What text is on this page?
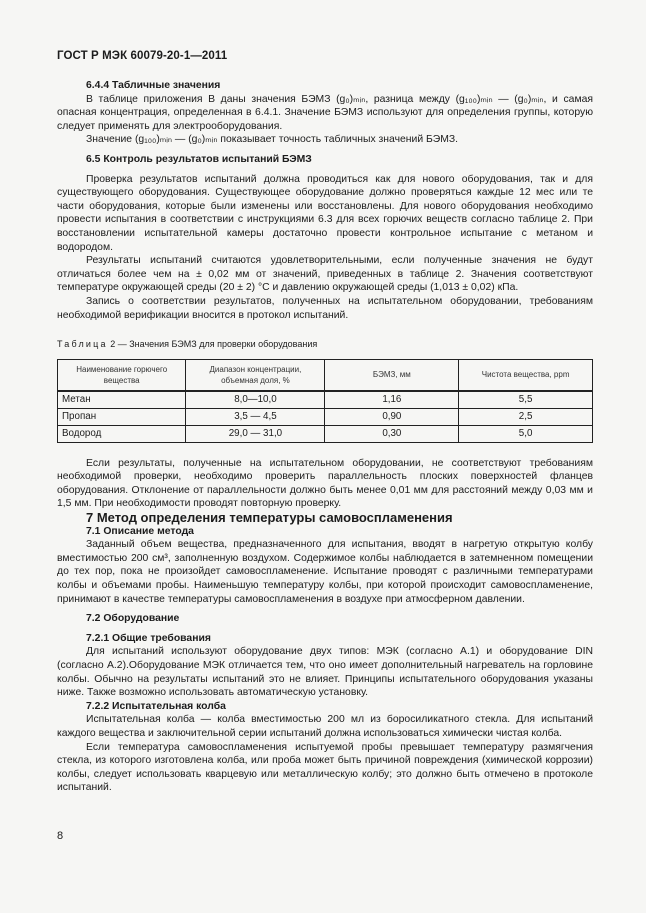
ГОСТ Р МЭК 60079-20-1—2011

6.4.4 Табличные значения

В таблице приложения В даны значения БЭМЗ (g₀)ₘᵢₙ, разница между (g₁₀₀)ₘᵢₙ — (g₀)ₘᵢₙ, и самая опасная концентрация, определенная в 6.4.1. Значение БЭМЗ используют для определения группы, которую следует применять для электрооборудования.

Значение (g₁₀₀)ₘᵢₙ — (g₀)ₘᵢₙ показывает точность табличных значений БЭМЗ.

6.5 Контроль результатов испытаний БЭМЗ

Проверка результатов испытаний должна проводиться как для нового оборудования, так и для существующего оборудования. Существующее оборудование должно проверяться каждые 12 мес или те части оборудования, которые были изменены или восстановлены. Для нового оборудования необходимо провести испытания в соответствии с инструкциями 6.3 для всех горючих веществ согласно таблице 2. При восстановлении испытательной камеры достаточно провести контрольное испытание с метаном и водородом.

Результаты испытаний считаются удовлетворительными, если полученные значения не будут отличаться более чем на ± 0,02 мм от значений, приведенных в таблице 2. Значения соответствуют температуре окружающей среды (20 ± 2) °С и давлению окружающей среды (1,013 ± 0,02) кПа.

Запись о соответствии результатов, полученных на испытательном оборудовании, требованиям необходимой верификации вносится в протокол испытаний.

Таблица 2 — Значения БЭМЗ для проверки оборудования

Наименование горючего вещества	Диапазон концентрации, объемная доля, %	БЭМЗ, мм	Чистота вещества, ppm
Метан	8,0—10,0	1,16	5,5
Пропан	3,5 — 4,5	0,90	2,5
Водород	29,0 — 31,0	0,30	5,0

Если результаты, полученные на испытательном оборудовании, не соответствуют требованиям необходимой проверки, необходимо проверить параллельность плоских поверхностей фланцев оборудования. Отклонение от параллельности должно быть менее 0,01 мм для расстояний между 0,03 мм и 1,5 мм. При необходимости проводят повторную проверку.

7 Метод определения температуры самовоспламенения

7.1 Описание метода

Заданный объем вещества, предназначенного для испытания, вводят в нагретую открытую колбу вместимостью 200 см³, заполненную воздухом. Содержимое колбы наблюдается в затемненном помещении до тех пор, пока не произойдет самовоспламенение. Испытание проводят с различными температурами колбы и объемами пробы. Наименьшую температуру колбы, при которой происходит самовоспламенение, принимают в качестве температуры самовоспламенения в воздухе при атмосферном давлении.

7.2 Оборудование

7.2.1 Общие требования

Для испытаний используют оборудование двух типов: МЭК (согласно А.1) и оборудование DIN (согласно А.2).Оборудование МЭК отличается тем, что оно имеет дополнительный нагреватель на горловине колбы. Обычно на результаты испытаний это не влияет. Принципы испытательного оборудования указаны ниже. Также возможно использовать автоматическую установку.

7.2.2 Испытательная колба

Испытательная колба — колба вместимостью 200 мл из боросиликатного стекла. Для испытаний каждого вещества и заключительной серии испытаний должна использоваться химически чистая колба.

Если температура самовоспламенения испытуемой пробы превышает температуру размягчения стекла, из которого изготовлена колба, или проба может быть причиной повреждения (химической коррозии) колбы, следует использовать кварцевую или металлическую колбу; это должно быть отмечено в протоколе испытаний.

8
